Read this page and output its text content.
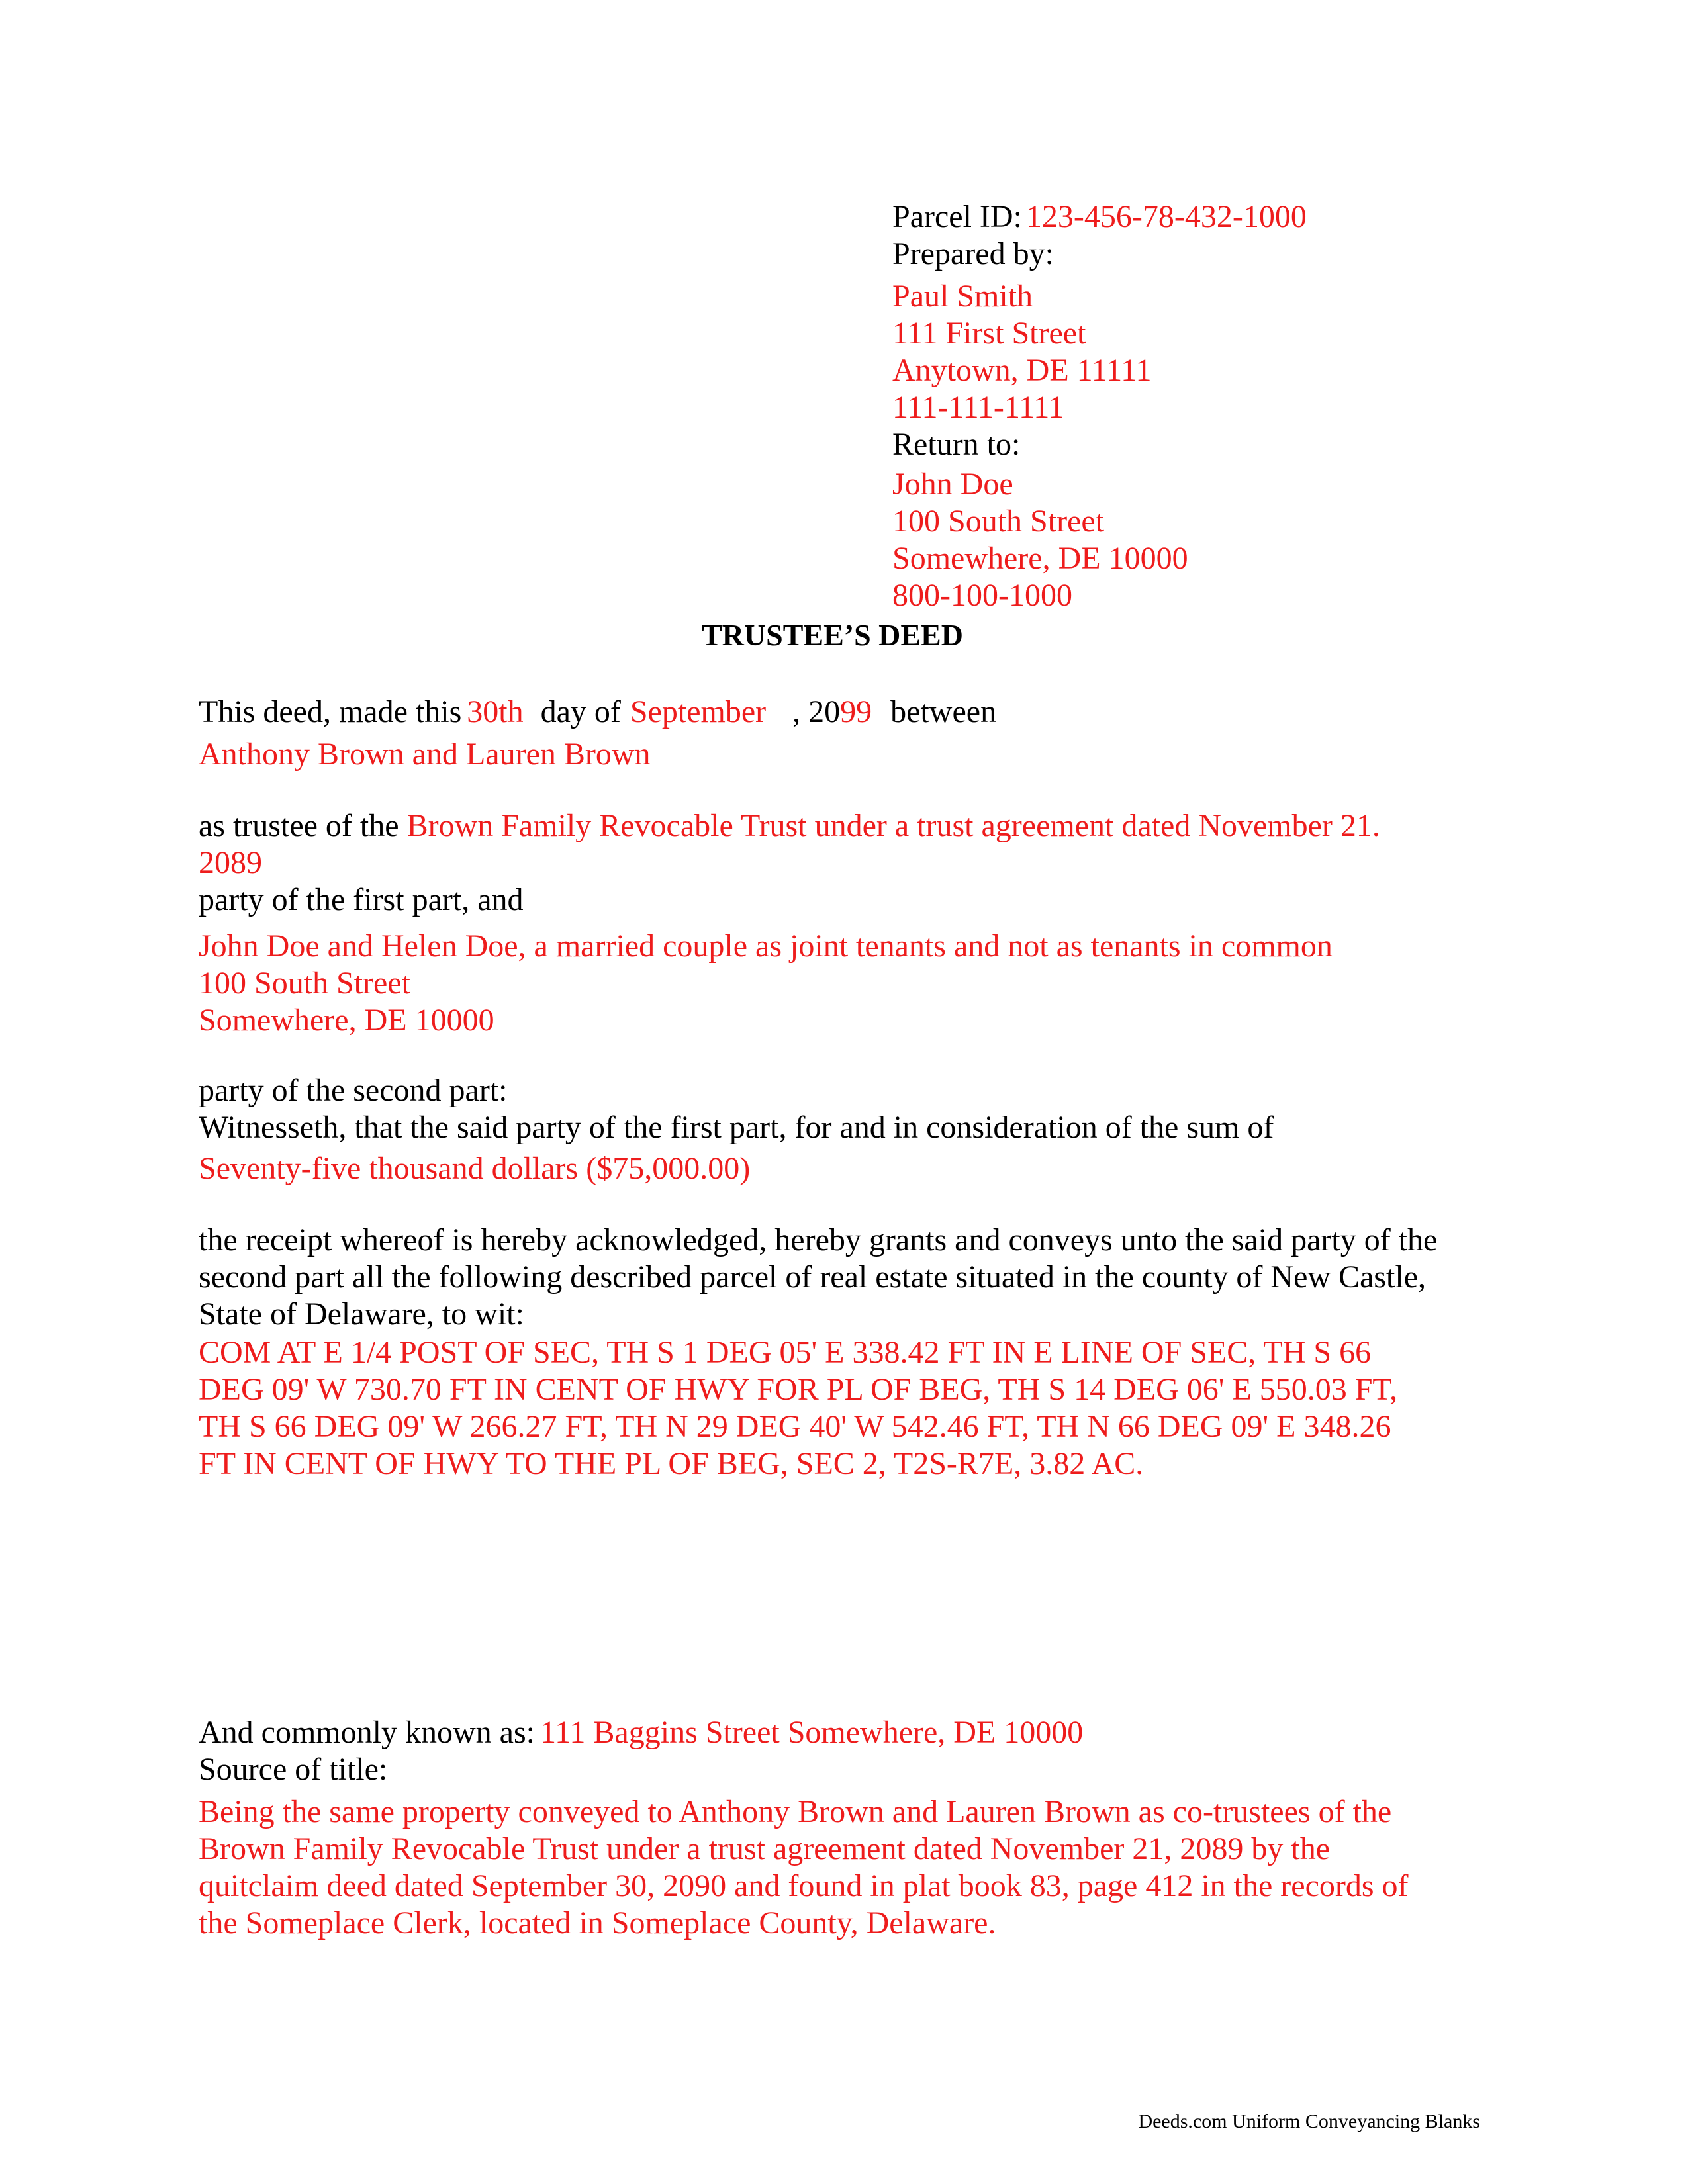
Parcel ID: 123-456-78-432-1000
Prepared by:
Paul Smith
111 First Street
Anytown, DE 11111
111-111-1111
Return to:
John Doe
100 South Street
Somewhere, DE 10000
800-100-1000
TRUSTEE’S DEED
This deed, made this 30th day of September , 2099 between
Anthony Brown and Lauren Brown
as trustee of the Brown Family Revocable Trust under a trust agreement dated November 21.
2089
party of the first part, and
John Doe and Helen Doe, a married couple as joint tenants and not as tenants in common
100 South Street
Somewhere, DE 10000
party of the second part:
Witnesseth, that the said party of the first part, for and in consideration of the sum of
Seventy-five thousand dollars ($75,000.00)
the receipt whereof is hereby acknowledged, hereby grants and conveys unto the said party of the
second part all the following described parcel of real estate situated in the county of New Castle,
State of Delaware, to wit:
COM AT E 1/4 POST OF SEC, TH S 1 DEG 05' E 338.42 FT IN E LINE OF SEC, TH S 66
DEG 09' W 730.70 FT IN CENT OF HWY FOR PL OF BEG, TH S 14 DEG 06' E 550.03 FT,
TH S 66 DEG 09' W 266.27 FT, TH N 29 DEG 40' W 542.46 FT, TH N 66 DEG 09' E 348.26
FT IN CENT OF HWY TO THE PL OF BEG, SEC 2, T2S-R7E, 3.82 AC.
And commonly known as: 111 Baggins Street Somewhere, DE 10000
Source of title:
Being the same property conveyed to Anthony Brown and Lauren Brown as co-trustees of the
Brown Family Revocable Trust under a trust agreement dated November 21, 2089 by the
quitclaim deed dated September 30, 2090 and found in plat book 83, page 412 in the records of
the Someplace Clerk, located in Someplace County, Delaware.
Deeds.com Uniform Conveyancing Blanks
